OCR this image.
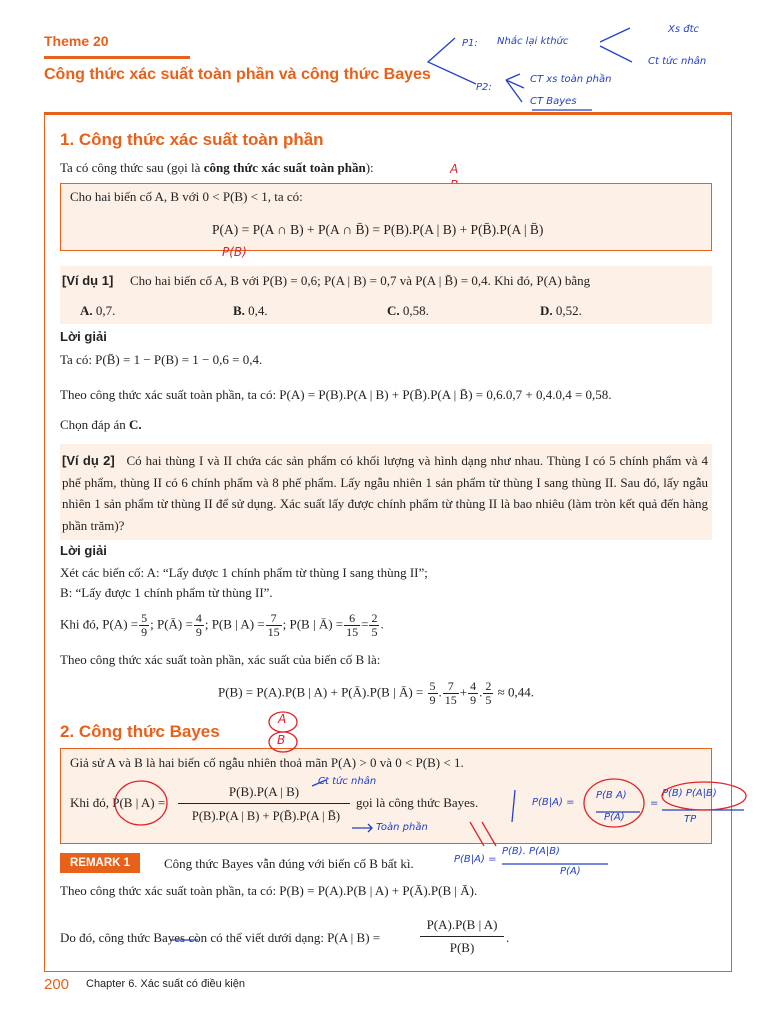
Theme 20
Công thức xác suất toàn phần và công thức Bayes
P1: Nhắc lại kthức
Xs đtc
Ct tức nhân
P2:
CT xs toàn phần
CT Bayes
1. Công thức xác suất toàn phần
Ta có công thức sau (gọi là công thức xác suất toàn phần):	A
Cho hai biến cố A, B với 0 < P(B) < 1, ta có:
P(A) = P(A ∩ B) + P(A ∩ B̄) = P(B).P(A | B) + P(B̄).P(A | B̄)
P(B)
[Ví dụ 1] Cho hai biến cố A, B với P(B) = 0,6; P(A | B) = 0,7 và P(A | B̄) = 0,4. Khi đó, P(A) bằng
A. 0,7.	B. 0,4.	C. 0,58.	D. 0,52.
Lời giải
Ta có: P(B̄) = 1 − P(B) = 1 − 0,6 = 0,4.
Theo công thức xác suất toàn phần, ta có: P(A) = P(B).P(A | B) + P(B̄).P(A | B̄) = 0,6.0,7 + 0,4.0,4 = 0,58.
Chọn đáp án C.
[Ví dụ 2] Có hai thùng I và II chứa các sản phẩm có khối lượng và hình dạng như nhau. Thùng I có 5 chính phẩm và 4 phế phẩm, thùng II có 6 chính phẩm và 8 phế phẩm. Lấy ngẫu nhiên 1 sản phẩm từ thùng I sang thùng II. Sau đó, lấy ngẫu nhiên 1 sản phẩm từ thùng II để sử dụng. Xác suất lấy được chính phẩm từ thùng II là bao nhiêu (làm tròn kết quả đến hàng phần trăm)?
Lời giải
Xét các biến cố: A: “Lấy được 1 chính phẩm từ thùng I sang thùng II”;
B: “Lấy được 1 chính phẩm từ thùng II”.
Khi đó, $P(A) = \frac{5}{9}$ ; P(Ā) = $\frac{4}{9}$ ; P(B | $A) = \frac{7}{15}$ ; P(B | Ā) = $\frac{6}{15} = \frac{2}{5}$ .
Theo công thức xác suất toàn phần, xác suất của biến cố B là:
P(B) = P(A).P(B | A) + P(Ā).P(B | Ā) = $\frac{5}{9}$ . $\frac{7}{15} + \frac{4}{9}$ . $\frac{2}{5} \approx 0,44$.
2. Công thức Bayes
A
B
Giả sử A và B là hai biến cố ngẫu nhiên thoả mãn P(A) > 0 và 0 < P(B) < 1.
Khi đó, P(B | A) =
P(B).P(A | B)
P(B).P(A | B) + P(B̄).P(A | B̄)
gọi là công thức Bayes.
Ct tức nhân
Toàn phần
P(B|A) =
P(B A)
P(A)
=
P(B) P(A|B)
TP
REMARK 1	Công thức Bayes vẫn đúng với biến cố B bất kì.	P(B|A) =
P(B). P(A|B)
P(A)
Theo công thức xác suất toàn phần, ta có: P(B) = P(A).P(B | A) + P(Ā).P(B | Ā).
Do đó, công thức Bayes còn có thể viết dưới dạng: P(A | B) =
P(A).P(B | A)
P(B)
.
200 Chapter 6. Xác suất có điều kiện
